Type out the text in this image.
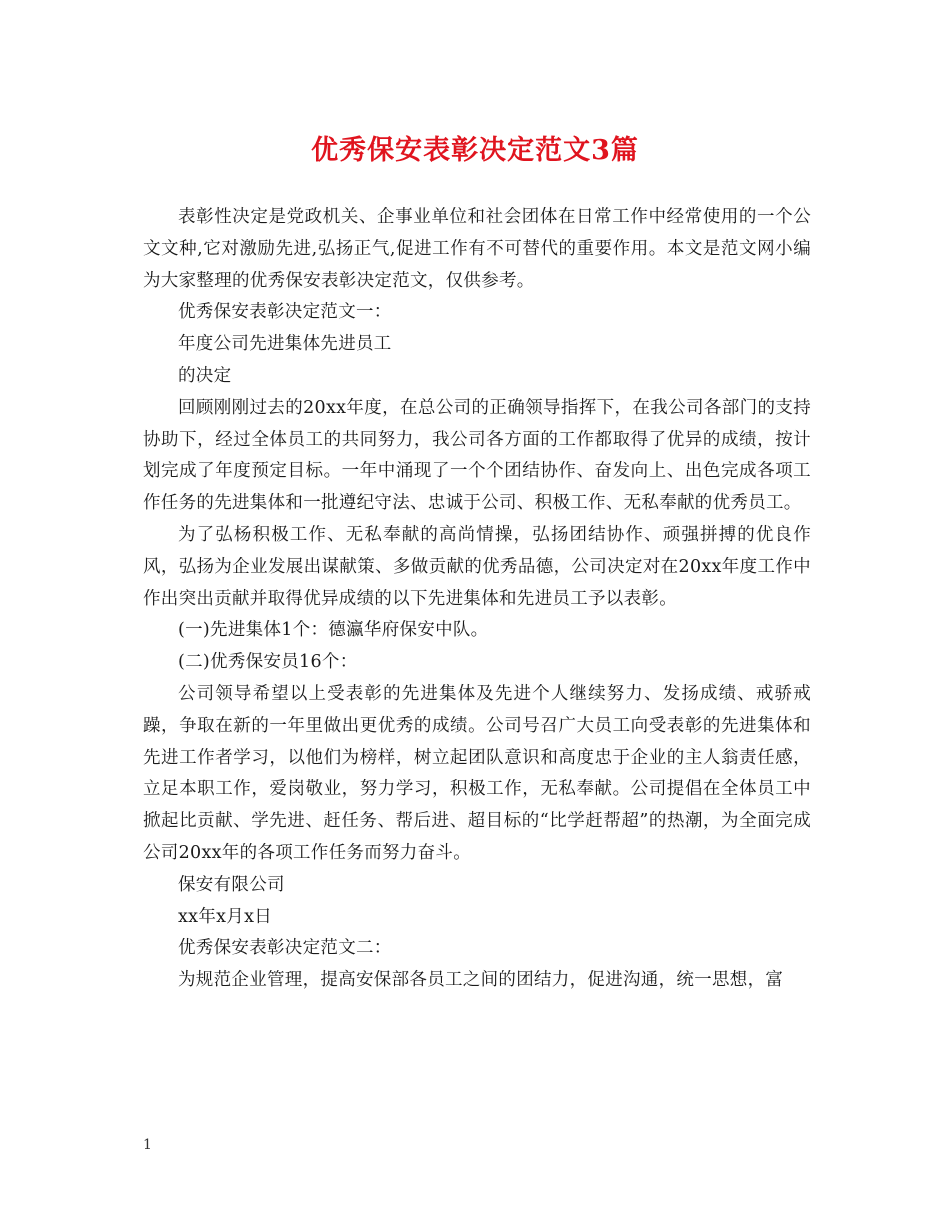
优秀保安表彰决定范文3篇

表彰性决定是党政机关、企事业单位和社会团体在日常工作中经常使用的一个公文文种,它对激励先进,弘扬正气,促进工作有不可替代的重要作用。本文是范文网小编为大家整理的优秀保安表彰决定范文，仅供参考。

优秀保安表彰决定范文一：

年度公司先进集体先进员工

的决定

回顾刚刚过去的20xx年度，在总公司的正确领导指挥下，在我公司各部门的支持协助下，经过全体员工的共同努力，我公司各方面的工作都取得了优异的成绩，按计划完成了年度预定目标。一年中涌现了一个个团结协作、奋发向上、出色完成各项工作任务的先进集体和一批遵纪守法、忠诚于公司、积极工作、无私奉献的优秀员工。

为了弘杨积极工作、无私奉献的高尚情操，弘扬团结协作、顽强拼搏的优良作风，弘扬为企业发展出谋献策、多做贡献的优秀品德，公司决定对在20xx年度工作中作出突出贡献并取得优异成绩的以下先进集体和先进员工予以表彰。

(一)先进集体1个：德瀛华府保安中队。

(二)优秀保安员16个：

公司领导希望以上受表彰的先进集体及先进个人继续努力、发扬成绩、戒骄戒躁，争取在新的一年里做出更优秀的成绩。公司号召广大员工向受表彰的先进集体和先进工作者学习，以他们为榜样，树立起团队意识和高度忠于企业的主人翁责任感，立足本职工作，爱岗敬业，努力学习，积极工作，无私奉献。公司提倡在全体员工中掀起比贡献、学先进、赶任务、帮后进、超目标的“比学赶帮超”的热潮，为全面完成公司20xx年的各项工作任务而努力奋斗。

保安有限公司

xx年x月x日

优秀保安表彰决定范文二：

为规范企业管理，提高安保部各员工之间的团结力，促进沟通，统一思想，富

1
